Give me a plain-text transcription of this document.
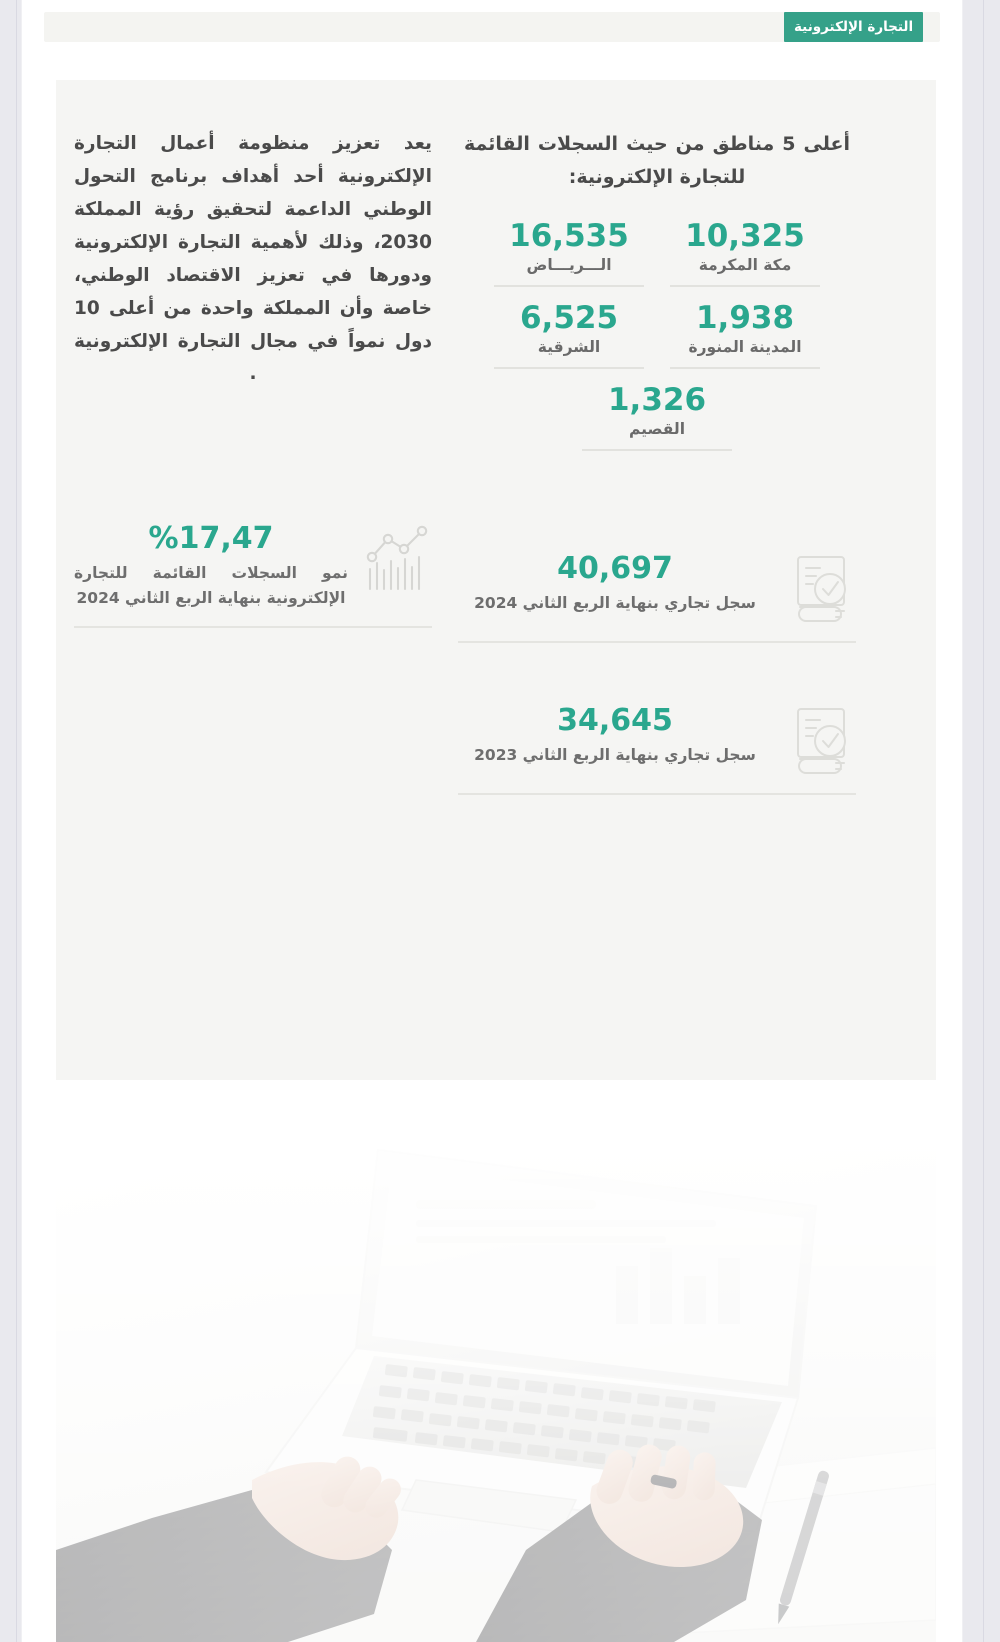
التجارة الإلكترونية

يعد تعزيز منظومة أعمال التجارة الإلكترونية أحد أهداف برنامج التحول الوطني الداعمة لتحقيق رؤية المملكة 2030، وذلك لأهمية التجارة الإلكترونية ودورها في تعزيز الاقتصاد الوطني، خاصة وأن المملكة واحدة من أعلى 10 دول نمواً في مجال التجارة الإلكترونية .

%17,47
نمو السجلات القائمة للتجارة الإلكترونية بنهاية الربع الثاني 2024
أعلى 5 مناطق من حيث السجلات القائمة للتجارة الإلكترونية:
10,325
مكة المكرمة
16,535
الـــريـــاض
1,938
المدينة المنورة
6,525
الشرقية
1,326
القصيم
40,697
سجل تجاري بنهاية الربع الثاني 2024
34,645
سجل تجاري بنهاية الربع الثاني 2023
